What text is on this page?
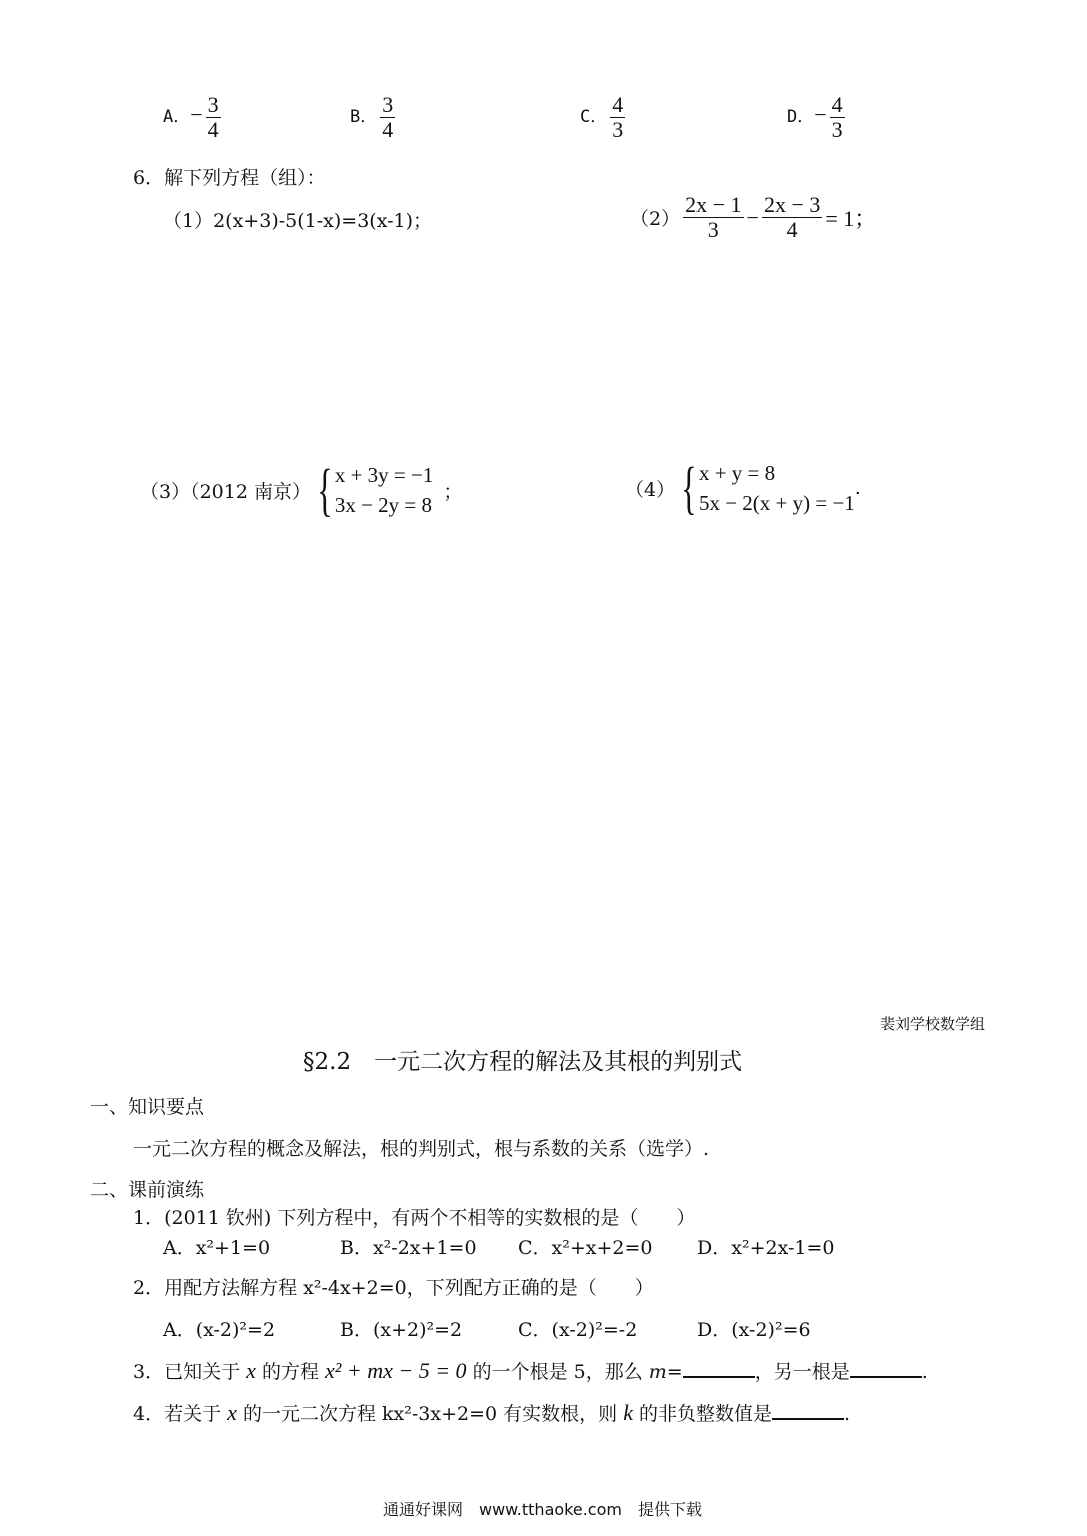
A．− $\frac{3}{4}$	B． $\frac{3}{4}$	C． $\frac{4}{3}$	D．− $\frac{4}{3}$
6．解下列方程（组）：
（1）2(x+3)-5(1-x)=3(x-1)；	$(2) \frac{2x - 1}{3} - \frac{2x - 3}{4} = 1$；
（3）（2012 南京） { x + 3y = −1
3x − 2y = 8
；	（4） { x + y = 8
5x − 2(x + y) = −1
.
裴刘学校数学组
§2.2　一元二次方程的解法及其根的判别式
一、知识要点
一元二次方程的概念及解法，根的判别式，根与系数的关系（选学）.
二、课前演练
1．(2011 钦州) 下列方程中，有两个不相等的实数根的是（　　）
A．x²+1=0	B．x²-2x+1=0 C．x²+x+2=0 D．x²+2x-1=0
2．用配方法解方程 x²-4x+2=0，下列配方正确的是（　　）
A．(x-2)²=2	B．(x+2)²=2	C．(x-2)²=-2	D．(x-2)²=6
3．已知关于 x 的方程 x² + mx − 5 = 0 的一个根是 5，那么 m=	，另一根是	.
4．若关于 x 的一元二次方程 kx²-3x+2=0 有实数根，则 k 的非负整数值是	.
通通好课网　www.tthaoke.com　提供下载
